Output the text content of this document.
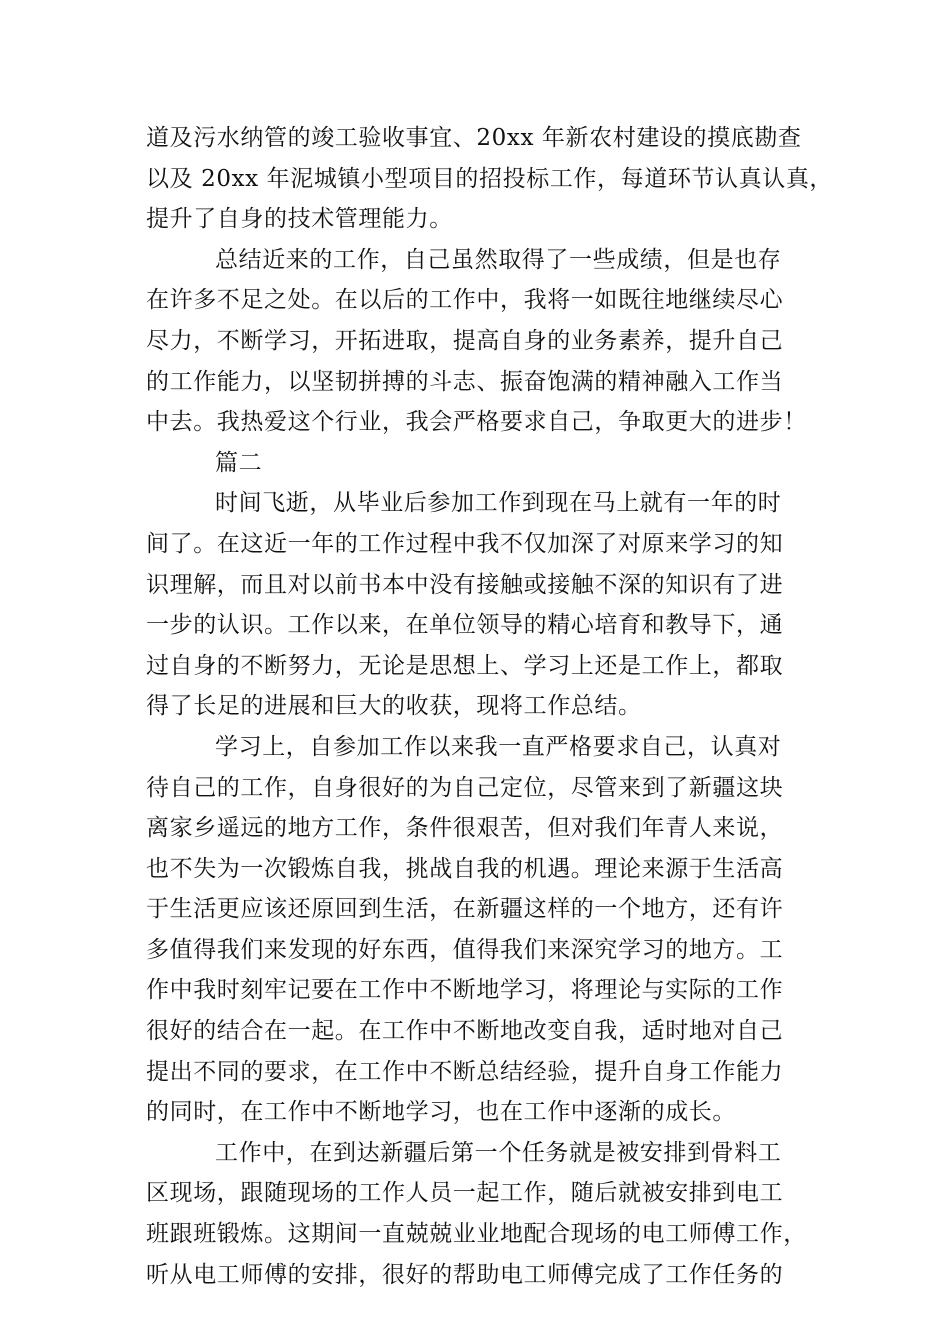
道及污水纳管的竣工验收事宜、20xx 年新农村建设的摸底勘查
以及 20xx 年泥城镇小型项目的招投标工作，每道环节认真认真，
提升了自身的技术管理能力。
总结近来的工作，自己虽然取得了一些成绩，但是也存
在许多不足之处。在以后的工作中，我将一如既往地继续尽心
尽力，不断学习，开拓进取，提高自身的业务素养，提升自己
的工作能力，以坚韧拼搏的斗志、振奋饱满的精神融入工作当
中去。我热爱这个行业，我会严格要求自己，争取更大的进步！
篇二
时间飞逝，从毕业后参加工作到现在马上就有一年的时
间了。在这近一年的工作过程中我不仅加深了对原来学习的知
识理解，而且对以前书本中没有接触或接触不深的知识有了进
一步的认识。工作以来，在单位领导的精心培育和教导下，通
过自身的不断努力，无论是思想上、学习上还是工作上，都取
得了长足的进展和巨大的收获，现将工作总结。
学习上，自参加工作以来我一直严格要求自己，认真对
待自己的工作，自身很好的为自己定位，尽管来到了新疆这块
离家乡遥远的地方工作，条件很艰苦，但对我们年青人来说，
也不失为一次锻炼自我，挑战自我的机遇。理论来源于生活高
于生活更应该还原回到生活，在新疆这样的一个地方，还有许
多值得我们来发现的好东西，值得我们来深究学习的地方。工
作中我时刻牢记要在工作中不断地学习，将理论与实际的工作
很好的结合在一起。在工作中不断地改变自我，适时地对自己
提出不同的要求，在工作中不断总结经验，提升自身工作能力
的同时，在工作中不断地学习，也在工作中逐渐的成长。
工作中，在到达新疆后第一个任务就是被安排到骨料工
区现场，跟随现场的工作人员一起工作，随后就被安排到电工
班跟班锻炼。这期间一直兢兢业业地配合现场的电工师傅工作，
听从电工师傅的安排，很好的帮助电工师傅完成了工作任务的
